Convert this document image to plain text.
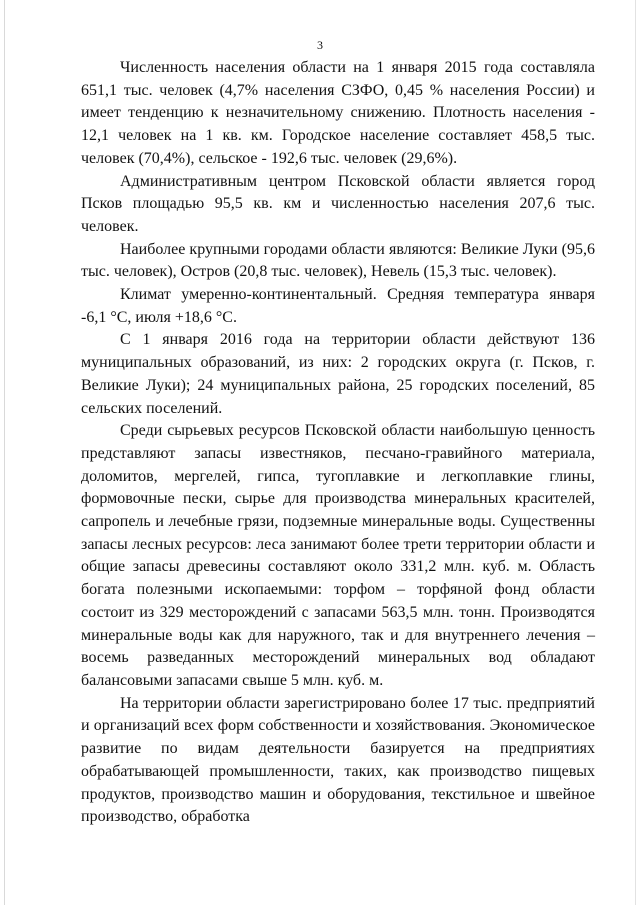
3

Численность населения области на 1 января 2015 года составляла 651,1 тыс. человек (4,7% населения СЗФО, 0,45 % населения России) и имеет тенденцию к незначительному снижению. Плотность населения - 12,1 человек на 1 кв. км. Городское население составляет 458,5 тыс. человек (70,4%), сельское - 192,6 тыс. человек (29,6%).

Административным центром Псковской области является город Псков площадью 95,5 кв. км и численностью населения 207,6 тыс. человек.

Наиболее крупными городами области являются: Великие Луки (95,6 тыс. человек), Остров (20,8 тыс. человек), Невель (15,3 тыс. человек).

Климат умеренно-континентальный. Средняя температура января -6,1 °С, июля +18,6 °С.

С 1 января 2016 года на территории области действуют 136 муниципальных образований, из них: 2 городских округа (г. Псков, г. Великие Луки); 24 муниципальных района, 25 городских поселений, 85 сельских поселений.

Среди сырьевых ресурсов Псковской области наибольшую ценность представляют запасы известняков, песчано-гравийного материала, доломитов, мергелей, гипса, тугоплавкие и легкоплавкие глины, формовочные пески, сырье для производства минеральных красителей, сапропель и лечебные грязи, подземные минеральные воды. Существенны запасы лесных ресурсов: леса занимают более трети территории области и общие запасы древесины составляют около 331,2 млн. куб. м. Область богата полезными ископаемыми: торфом – торфяной фонд области состоит из 329 месторождений с запасами 563,5 млн. тонн. Производятся минеральные воды как для наружного, так и для внутреннего лечения – восемь разведанных месторождений минеральных вод обладают балансовыми запасами свыше 5 млн. куб. м.

На территории области зарегистрировано более 17 тыс. предприятий и организаций всех форм собственности и хозяйствования. Экономическое развитие по видам деятельности базируется на предприятиях обрабатывающей промышленности, таких, как производство пищевых продуктов, производство машин и оборудования, текстильное и швейное производство, обработка
